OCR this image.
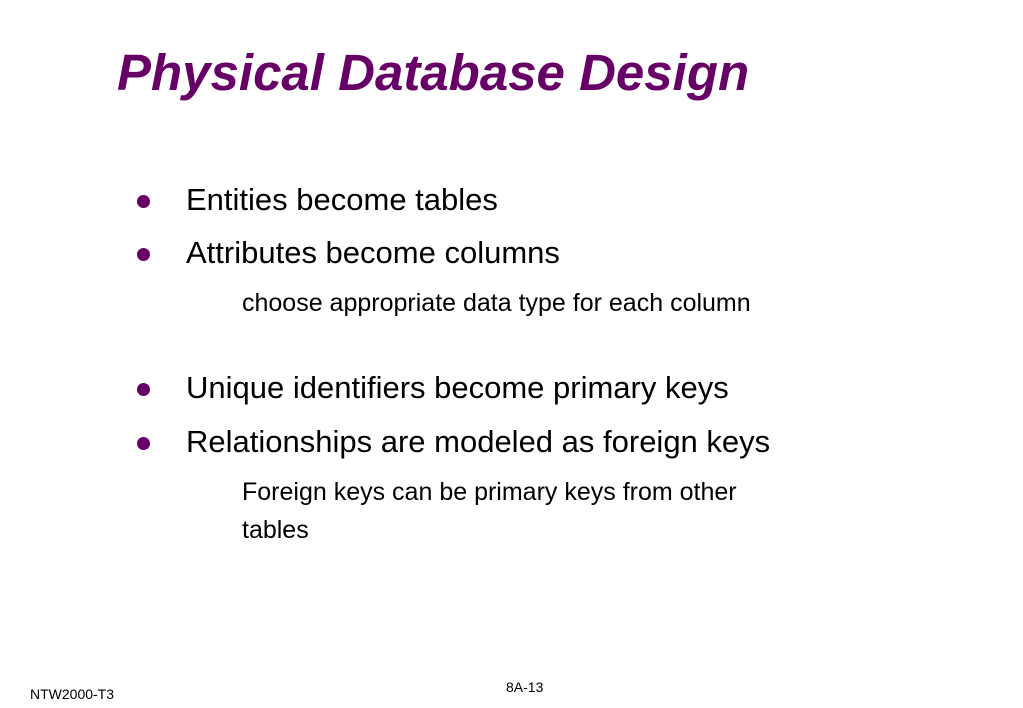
Physical Database Design
Entities become tables
Attributes become columns
choose appropriate data type for each column
Unique identifiers become primary keys
Relationships are modeled as foreign keys
Foreign keys can be primary keys from other tables
NTW2000-T3	8A-13
